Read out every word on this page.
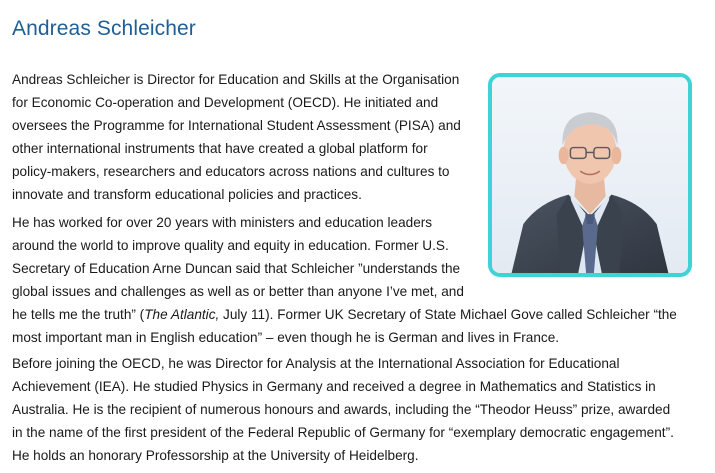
Andreas Schleicher
Andreas Schleicher is Director for Education and Skills at the Organisation
for Economic Co-operation and Development (OECD). He initiated and
oversees the Programme for International Student Assessment (PISA) and
other international instruments that have created a global platform for
policy-makers, researchers and educators across nations and cultures to
innovate and transform educational policies and practices.
He has worked for over 20 years with ministers and education leaders
around the world to improve quality and equity in education. Former U.S.
Secretary of Education Arne Duncan said that Schleicher ”understands the
global issues and challenges as well as or better than anyone I’ve met, and
he tells me the truth” (The Atlantic, July 11). Former UK Secretary of State Michael Gove called Schleicher “the
most important man in English education” – even though he is German and lives in France.
Before joining the OECD, he was Director for Analysis at the International Association for Educational
Achievement (IEA). He studied Physics in Germany and received a degree in Mathematics and Statistics in
Australia. He is the recipient of numerous honours and awards, including the “Theodor Heuss” prize, awarded
in the name of the first president of the Federal Republic of Germany for “exemplary democratic engagement”.
He holds an honorary Professorship at the University of Heidelberg.
